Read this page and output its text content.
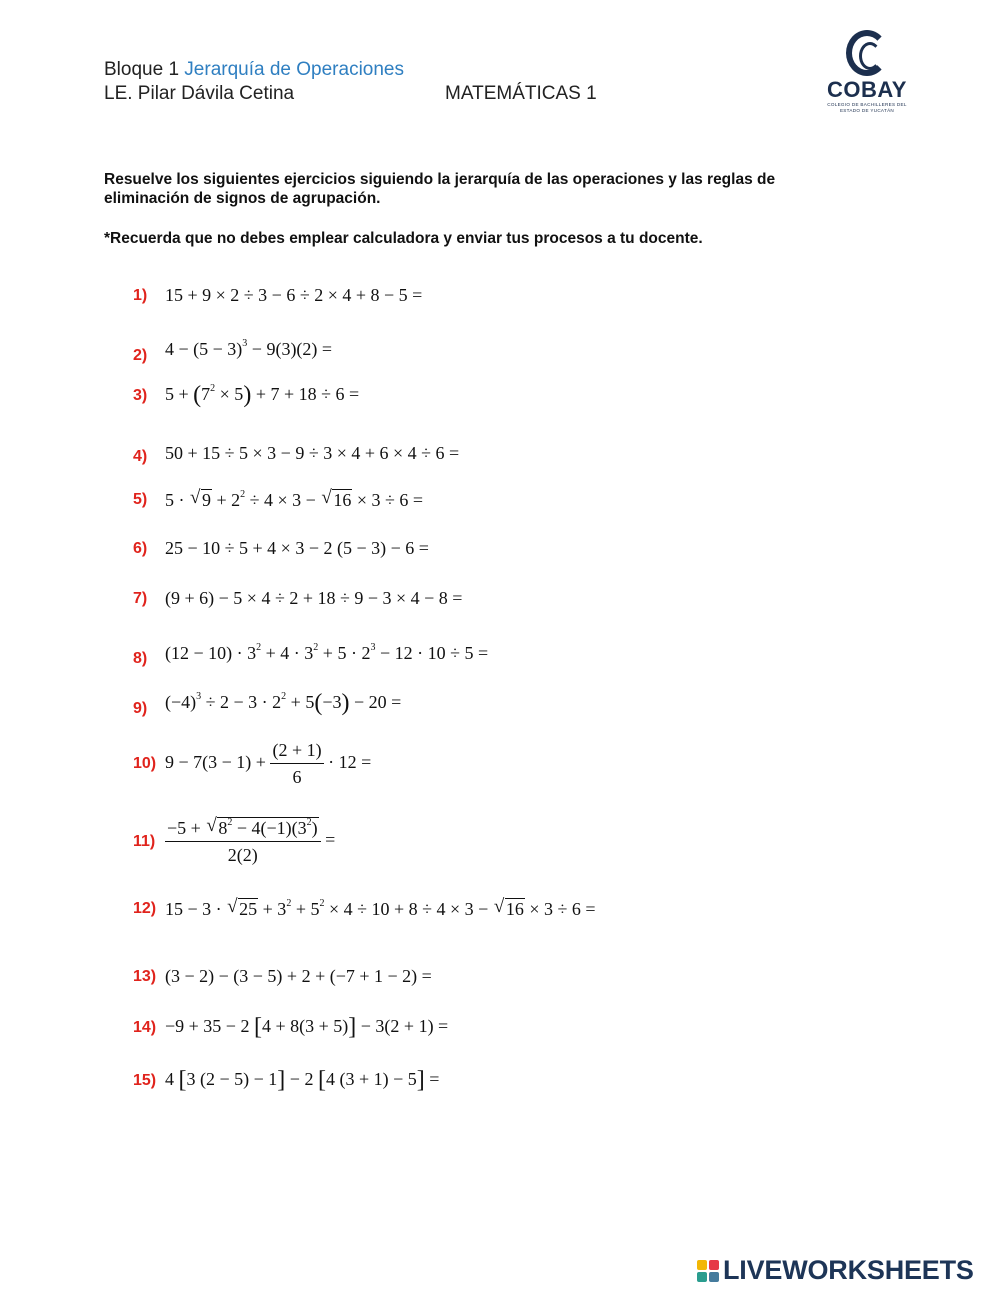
Bloque 1 Jerarquía de Operaciones
LE. Pilar Dávila Cetina	MATEMÁTICAS 1	COBAY
COLEGIO DE BACHILLERES DEL ESTADO DE YUCATÁN
Resuelve los siguientes ejercicios siguiendo la jerarquía de las operaciones y las reglas de eliminación de signos de agrupación.
*Recuerda que no debes emplear calculadora y enviar tus procesos a tu docente.
1) 15 + 9 × 2 ÷ 3 − 6 ÷ 2 × 4 + 8 − 5 =
2) $4 - (5 - 3)^3 - 9(3)(2)$ =
3) $5 + (7^2 \times 5) + 7 + 18 \div 6$ =
4) 50 + 15 ÷ 5 × 3 − 9 ÷ 3 × 4 + 6 × 4 ÷ 6 =
5) 5 · √ $9 + 2^2 \div 4 \times 3$ − √ 16 × 3 ÷ 6 =
6) 25 − 10 ÷ 5 + 4 × 3 − 2 (5 − 3) − 6 =
7) (9 + 6) − 5 × 4 ÷ 2 + 18 ÷ 9 − 3 × 4 − 8 =
8) $(12 - 10) \cdot 3^2 + 4 \cdot 3^2 + 5 \cdot 2^3 - 12 \cdot 10 \div 5$ =
9) $(-4)^3 \div 2 - 3 \cdot 2^2 + 5(-3) - 20$ =
10) $9 - 7(3 - 1) + \frac{(2 + 1)}{6} \cdot 12$ =
$11) \frac{-5 + √ 8^2 - 4(-1)(3^2)}{2(2)}$ =
12) 15 − 3 · √ $25 + 3^2 + 5^2 \times 4 \div 10 + 8 \div 4 \times 3$ − √ 16 × 3 ÷ 6 =
13) (3 − 2) − (3 − 5) + 2 + (−7 + 1 − 2) =
14) −9 + 35 − 2 [4 + 8(3 + 5)] − 3(2 + 1) =
15) 4 [3 (2 − 5) − 1] − 2 [4 (3 + 1) − 5] =
LIVEWORKSHEETS
